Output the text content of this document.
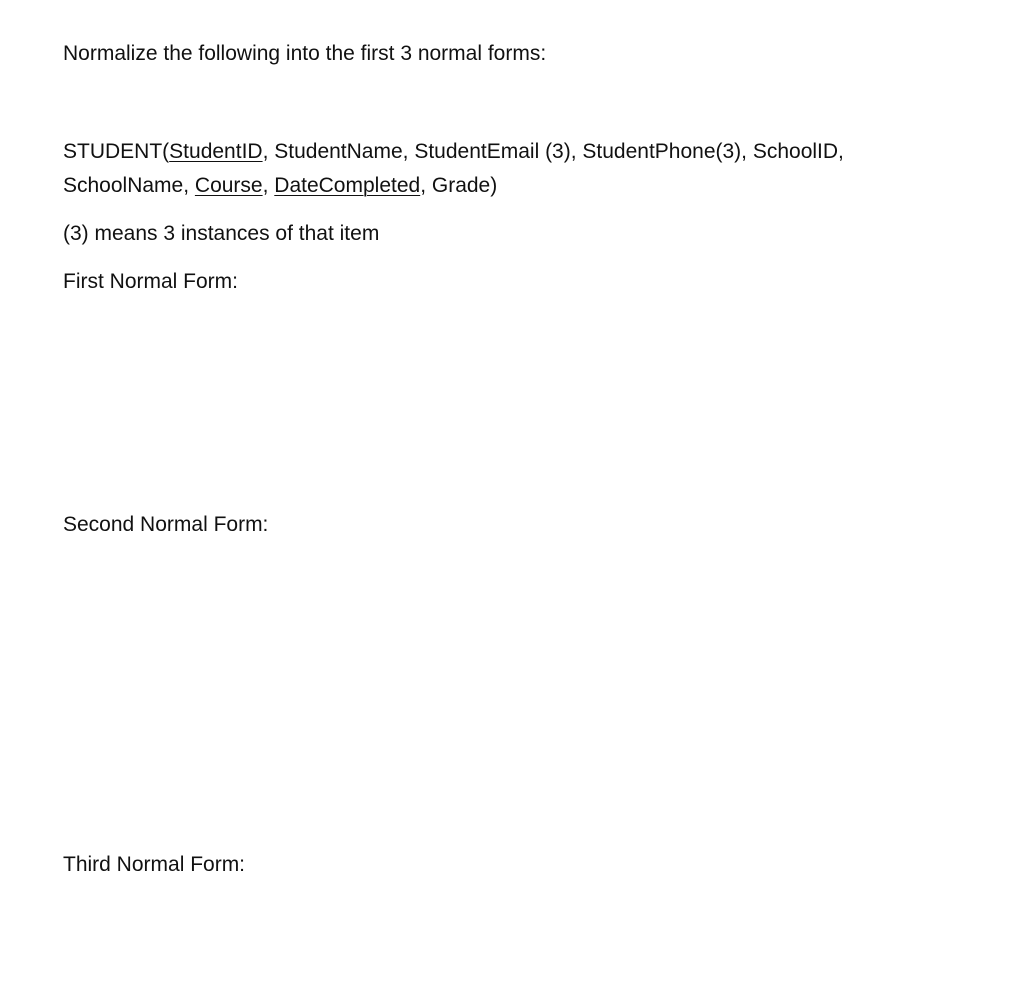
Normalize the following into the first 3 normal forms:

STUDENT(StudentID, StudentName, StudentEmail (3), StudentPhone(3), SchoolID,

SchoolName, Course, DateCompleted, Grade)

(3) means 3 instances of that item

First Normal Form:

Second Normal Form:

Third Normal Form:
